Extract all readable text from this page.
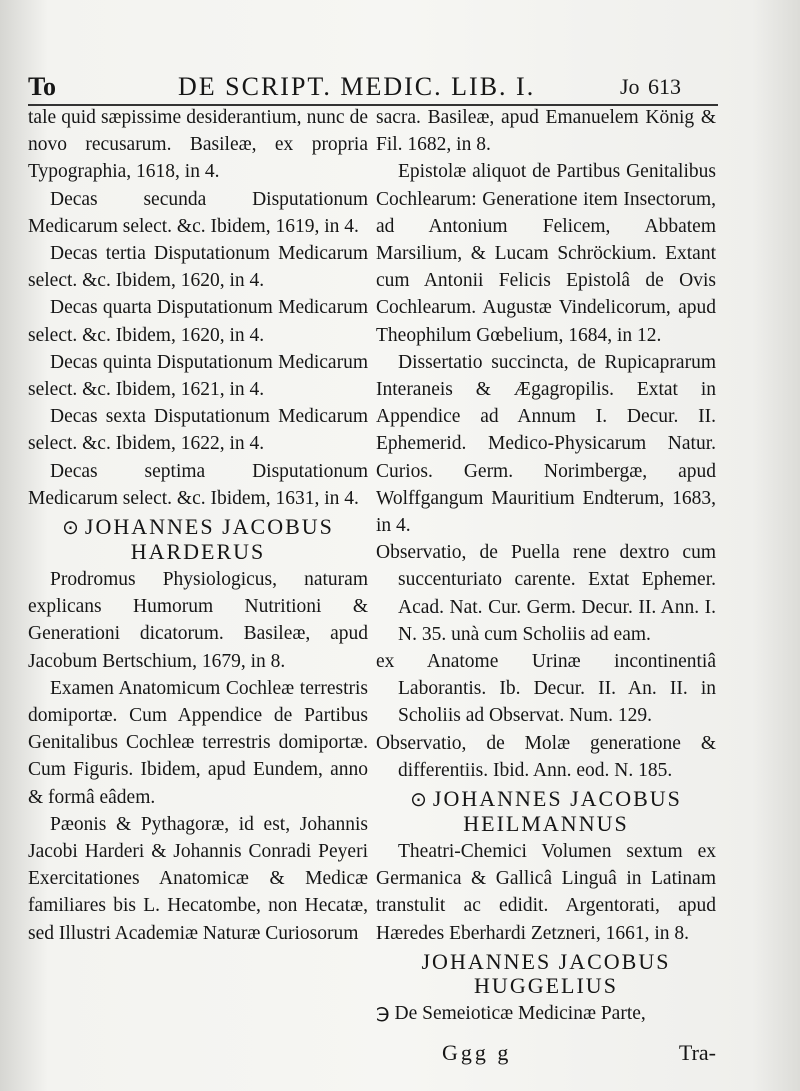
To	DE SCRIPT. MEDIC. LIB. I.	Jo 613

tale quid sæpissime desiderantium, nunc de novo recusarum. Basileæ, ex propria Typographia, 1618, in 4.

Decas secunda Disputationum Medicarum select. &c. Ibidem, 1619, in 4.

Decas tertia Disputationum Medicarum select. &c. Ibidem, 1620, in 4.

Decas quarta Disputationum Medicarum select. &c. Ibidem, 1620, in 4.

Decas quinta Disputationum Medicarum select. &c. Ibidem, 1621, in 4.

Decas sexta Disputationum Medicarum select. &c. Ibidem, 1622, in 4.

Decas septima Disputationum Medicarum select. &c. Ibidem, 1631, in 4.

⊙ JOHANNES JACOBUS
HARDERUS

Prodromus Physiologicus, naturam explicans Humorum Nutritioni & Generationi dicatorum. Basileæ, apud Jacobum Bertschium, 1679, in 8.

Examen Anatomicum Cochleæ terrestris domiportæ. Cum Appendice de Partibus Genitalibus Cochleæ terrestris domiportæ. Cum Figuris. Ibidem, apud Eundem, anno & formâ eâdem.

Pæonis & Pythagoræ, id est, Johannis Jacobi Harderi & Johannis Conradi Peyeri Exercitationes Anatomicæ & Medicæ familiares bis L. Hecatombe, non Hecatæ, sed Illustri Academiæ Naturæ Curiosorum

sacra. Basileæ, apud Emanuelem König & Fil. 1682, in 8.

Epistolæ aliquot de Partibus Genitalibus Cochlearum: Generatione item Insectorum, ad Antonium Felicem, Abbatem Marsilium, & Lucam Schröckium. Extant cum Antonii Felicis Epistolâ de Ovis Cochlearum. Augustæ Vindelicorum, apud Theophilum Gœbelium, 1684, in 12.

Dissertatio succincta, de Rupicaprarum Interaneis & Ægagropilis. Extat in Appendice ad Annum I. Decur. II. Ephemerid. Medico-Physicarum Natur. Curios. Germ. Norimbergæ, apud Wolffgangum Mauritium Endterum, 1683, in 4.

Observatio, de Puella rene dextro cum succenturiato carente. Extat Ephemer. Acad. Nat. Cur. Germ. Decur. II. Ann. I. N. 35. unà cum Scholiis ad eam.

ex Anatome Urinæ incontinentiâ Laborantis. Ib. Decur. II. An. II. in Scholiis ad Observat. Num. 129.

Observatio, de Molæ generatione & differentiis. Ibid. Ann. eod. N. 185.

⊙ JOHANNES JACOBUS
HEILMANNUS

Theatri-Chemici Volumen sextum ex Germanica & Gallicâ Linguâ in Latinam transtulit ac edidit. Argentorati, apud Hæredes Eberhardi Zetzneri, 1661, in 8.

JOHANNES JACOBUS
HUGGELIUS

℈ De Semeioticæ Medicinæ Parte,

Ggg g	Tra-
